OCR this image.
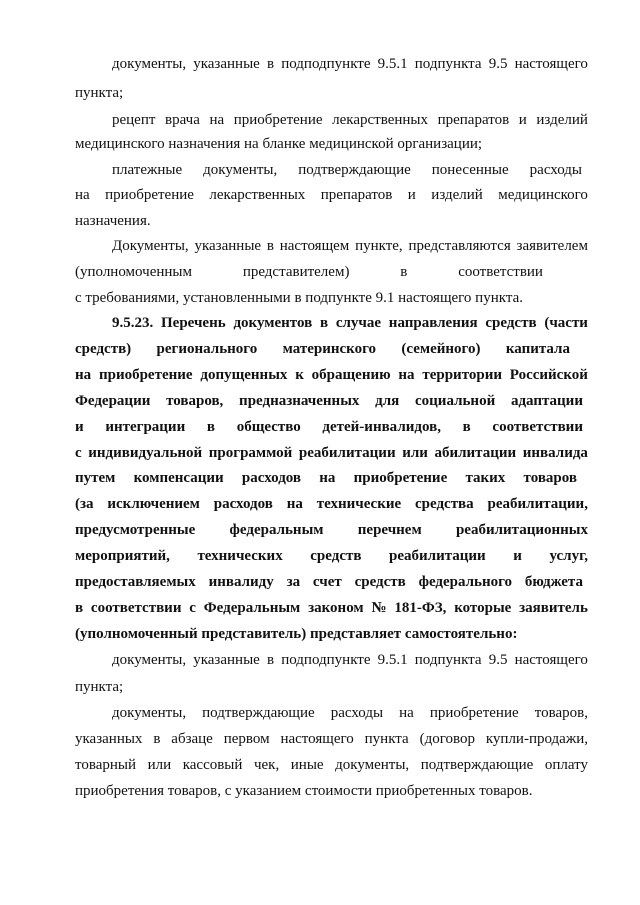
документы, указанные в подподпункте 9.5.1 подпункта 9.5 настоящего
пункта;
рецепт врача на приобретение лекарственных препаратов и изделий
медицинского назначения на бланке медицинской организации;
платежные документы, подтверждающие понесенные расходы
на приобретение лекарственных препаратов и изделий медицинского
назначения.
Документы, указанные в настоящем пункте, представляются заявителем
(уполномоченным	представителем)	в	соответствии
с требованиями, установленными в подпункте 9.1 настоящего пункта.
9.5.23. Перечень документов в случае направления средств (части
средств) регионального материнского (семейного) капитала
на приобретение допущенных к обращению на территории Российской
Федерации товаров, предназначенных для социальной адаптации
и интеграции в общество детей-инвалидов, в соответствии
с индивидуальной программой реабилитации или абилитации инвалида
путем компенсации расходов на приобретение таких товаров
(за исключением расходов на технические средства реабилитации,
предусмотренные федеральным перечнем реабилитационных
мероприятий, технических средств реабилитации и услуг,
предоставляемых инвалиду за счет средств федерального бюджета
в соответствии с Федеральным законом № 181-ФЗ, которые заявитель
(уполномоченный представитель) представляет самостоятельно:
документы, указанные в подподпункте 9.5.1 подпункта 9.5 настоящего
пункта;
документы, подтверждающие расходы на приобретение товаров,
указанных в абзаце первом настоящего пункта (договор купли-продажи,
товарный или кассовый чек, иные документы, подтверждающие оплату
приобретения товаров, с указанием стоимости приобретенных товаров.
